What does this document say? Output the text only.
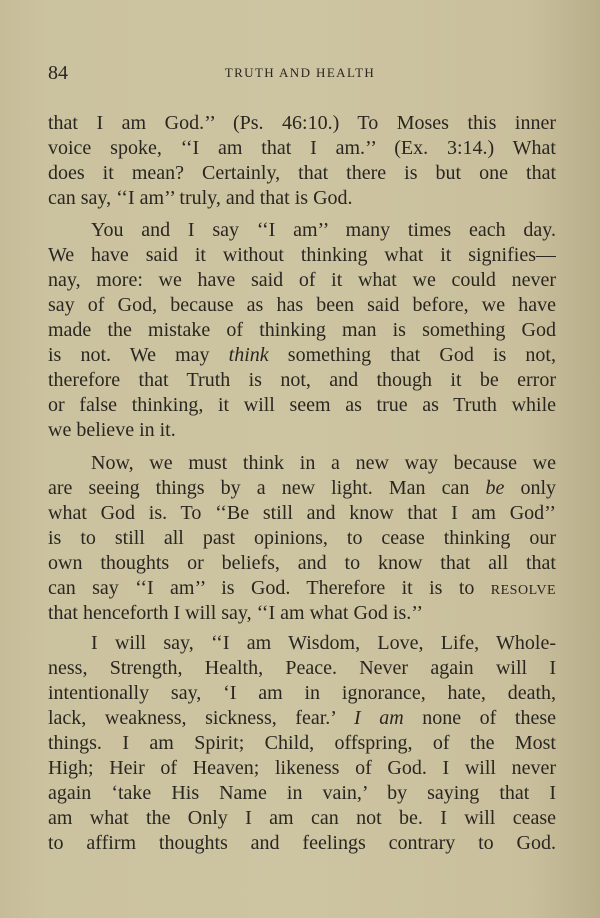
84	TRUTH AND HEALTH
that I am God.’’ (Ps. 46:10.) To Moses this inner
voice spoke, ‘‘I am that I am.’’ (Ex. 3:14.) What
does it mean? Certainly, that there is but one that
can say, ‘‘I am’’ truly, and that is God.
You and I say ‘‘I am’’ many times each day.
We have said it without thinking what it signifies—
nay, more: we have said of it what we could never
say of God, because as has been said before, we have
made the mistake of thinking man is something God
is not. We may think something that God is not,
therefore that Truth is not, and though it be error
or false thinking, it will seem as true as Truth while
we believe in it.
Now, we must think in a new way because we
are seeing things by a new light. Man can be only
what God is. To ‘‘Be still and know that I am God’’
is to still all past opinions, to cease thinking our
own thoughts or beliefs, and to know that all that
can say ‘‘I am’’ is God. Therefore it is to resolve
that henceforth I will say, ‘‘I am what God is.’’
I will say, ‘‘I am Wisdom, Love, Life, Whole-
ness, Strength, Health, Peace. Never again will I
intentionally say, ‘I am in ignorance, hate, death,
lack, weakness, sickness, fear.’ I am none of these
things. I am Spirit; Child, offspring, of the Most
High; Heir of Heaven; likeness of God. I will never
again ‘take His Name in vain,’ by saying that I
am what the Only I am can not be. I will cease
to affirm thoughts and feelings contrary to God.
